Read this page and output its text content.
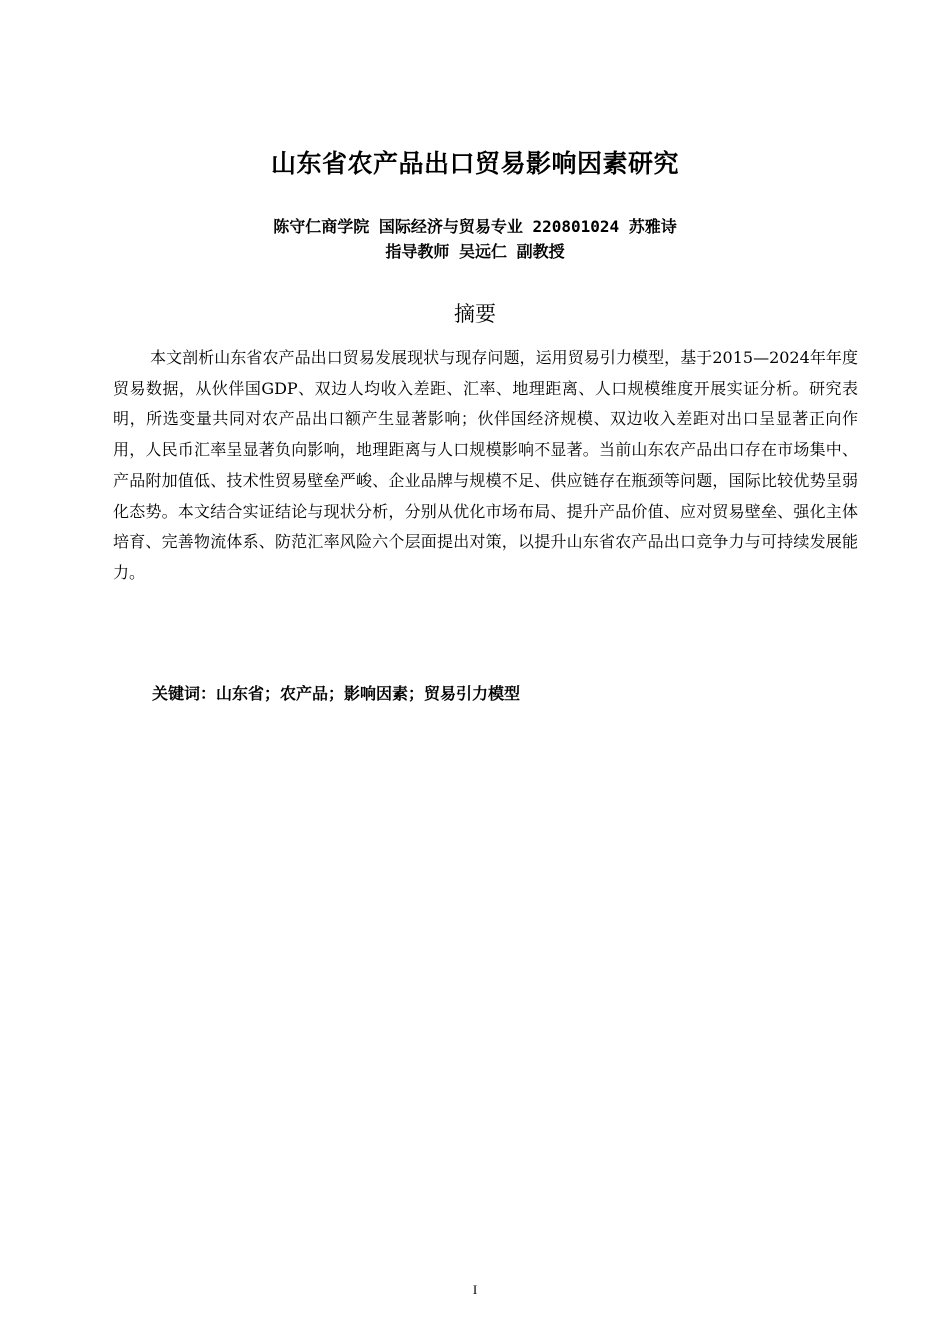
山东省农产品出口贸易影响因素研究
陈守仁商学院 国际经济与贸易专业 220801024 苏雅诗
指导教师 吴远仁 副教授
摘要

本文剖析山东省农产品出口贸易发展现状与现存问题，运用贸易引力模型，基于2015—2024年年度贸易数据，从伙伴国GDP、双边人均收入差距、汇率、地理距离、人口规模维度开展实证分析。研究表明，所选变量共同对农产品出口额产生显著影响；伙伴国经济规模、双边收入差距对出口呈显著正向作用，人民币汇率呈显著负向影响，地理距离与人口规模影响不显著。当前山东农产品出口存在市场集中、产品附加值低、技术性贸易壁垒严峻、企业品牌与规模不足、供应链存在瓶颈等问题，国际比较优势呈弱化态势。本文结合实证结论与现状分析，分别从优化市场布局、提升产品价值、应对贸易壁垒、强化主体培育、完善物流体系、防范汇率风险六个层面提出对策，以提升山东省农产品出口竞争力与可持续发展能力。

关键词：山东省；农产品；影响因素；贸易引力模型
I
